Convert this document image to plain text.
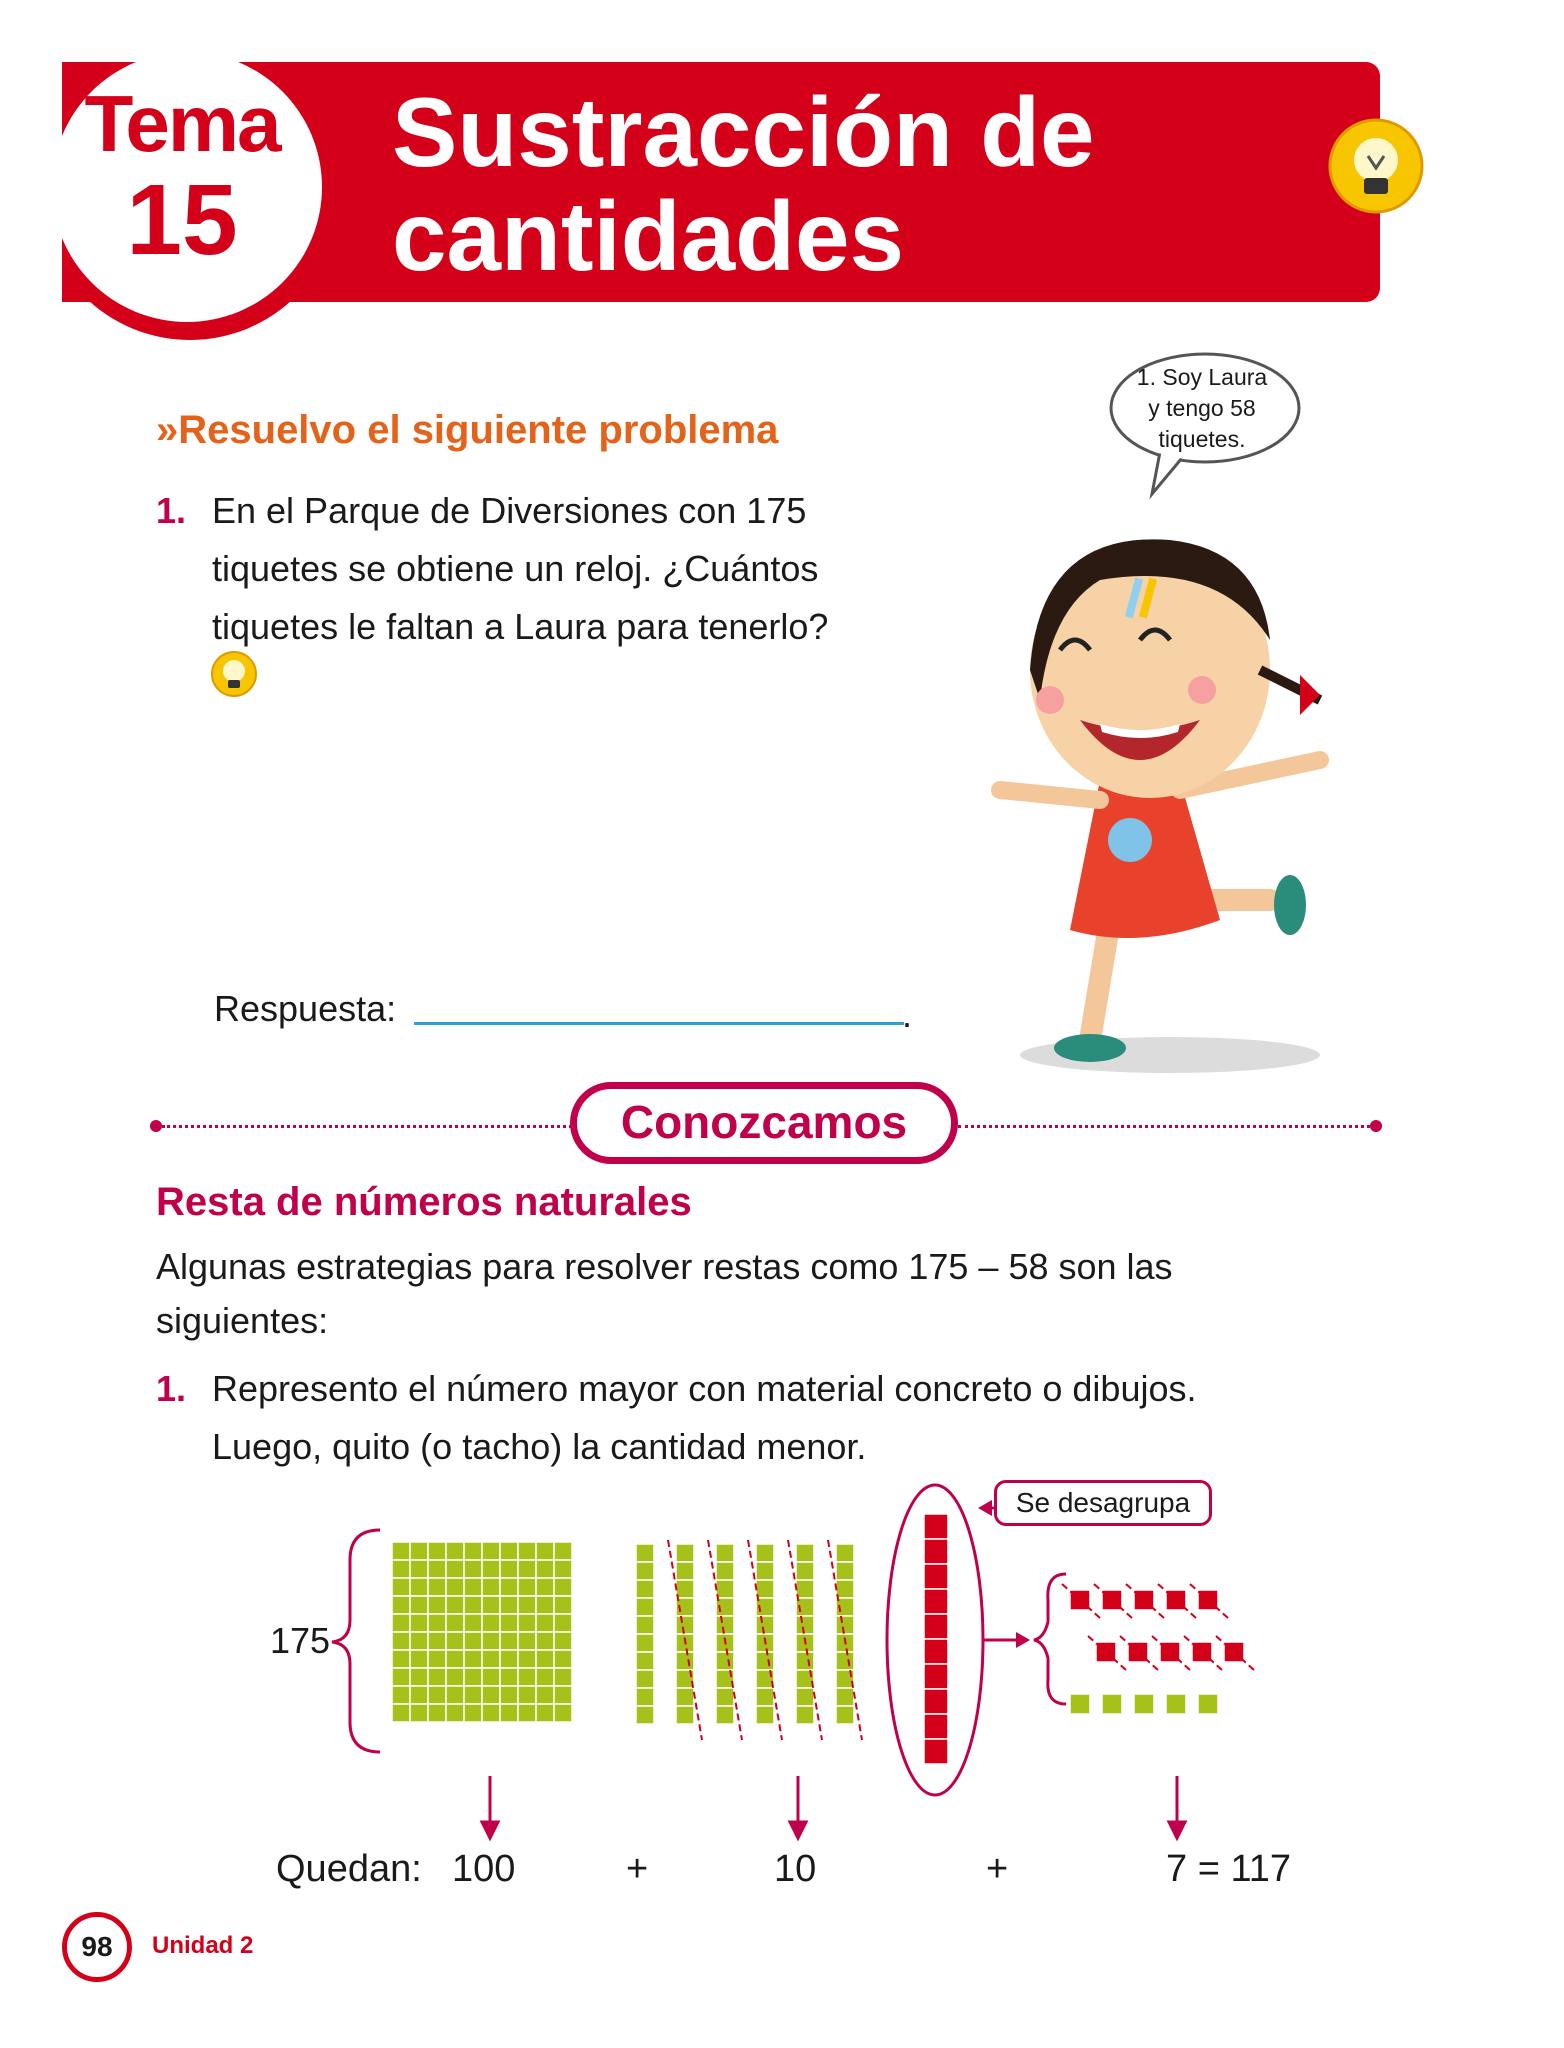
Tema
15
Sustracción de
cantidades
»Resuelvo el siguiente problema
1. En el Parque de Diversiones con 175
tiquetes se obtiene un reloj. ¿Cuántos
tiquetes le faltan a Laura para tenerlo?
Respuesta:	.
1. Soy Laura
y tengo 58
tiquetes.
Conozcamos
Resta de números naturales
Algunas estrategias para resolver restas como 175 – 58 son las
siguientes:
1. Represento el número mayor con material concreto o dibujos.
Luego, quito (o tacho) la cantidad menor.
Se desagrupa
175
Quedan: 100	+	10	+	7 = 117
98	Unidad 2
